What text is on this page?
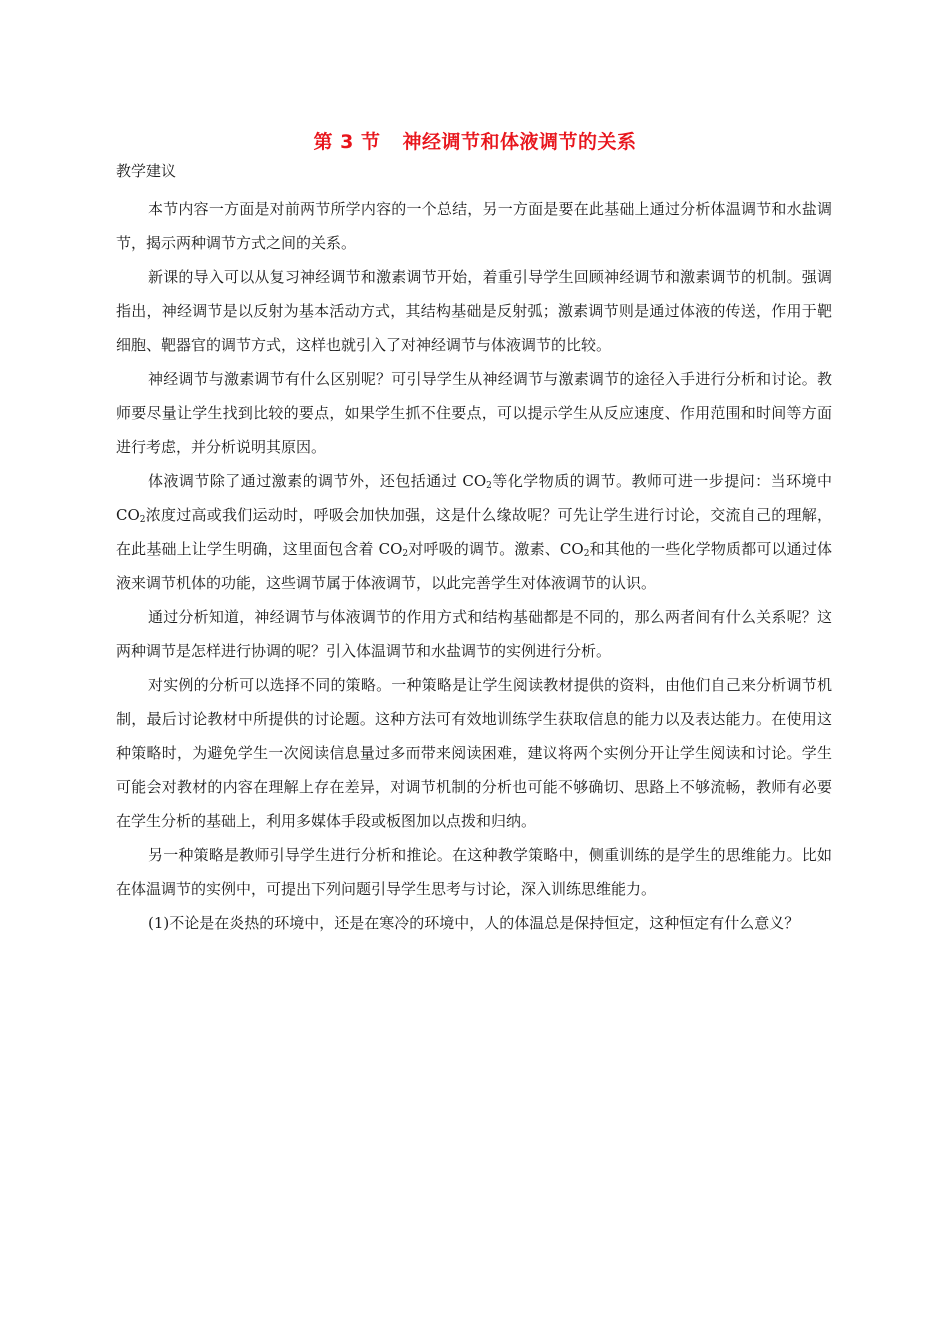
第 3 节 神经调节和体液调节的关系
教学建议

本节内容一方面是对前两节所学内容的一个总结，另一方面是要在此基础上通过分析体温调节和水盐调节，揭示两种调节方式之间的关系。

新课的导入可以从复习神经调节和激素调节开始，着重引导学生回顾神经调节和激素调节的机制。强调指出，神经调节是以反射为基本活动方式，其结构基础是反射弧；激素调节则是通过体液的传送，作用于靶细胞、靶器官的调节方式，这样也就引入了对神经调节与体液调节的比较。

神经调节与激素调节有什么区别呢？可引导学生从神经调节与激素调节的途径入手进行分析和讨论。教师要尽量让学生找到比较的要点，如果学生抓不住要点，可以提示学生从反应速度、作用范围和时间等方面进行考虑，并分析说明其原因。

体液调节除了通过激素的调节外，还包括通过 $CO_2$等化学物质的调节。教师可进一步提问：当环境中 $CO_2$浓度过高或我们运动时，呼吸会加快加强，这是什么缘故呢？可先让学生进行讨论，交流自己的理解，在此基础上让学生明确，这里面包含着 $CO_2$对呼吸的调节。激素、$CO_2$和其他的一些化学物质都可以通过体液来调节机体的功能，这些调节属于体液调节，以此完善学生对体液调节的认识。

通过分析知道，神经调节与体液调节的作用方式和结构基础都是不同的，那么两者间有什么关系呢？这两种调节是怎样进行协调的呢？引入体温调节和水盐调节的实例进行分析。

对实例的分析可以选择不同的策略。一种策略是让学生阅读教材提供的资料，由他们自己来分析调节机制，最后讨论教材中所提供的讨论题。这种方法可有效地训练学生获取信息的能力以及表达能力。在使用这种策略时，为避免学生一次阅读信息量过多而带来阅读困难，建议将两个实例分开让学生阅读和讨论。学生可能会对教材的内容在理解上存在差异，对调节机制的分析也可能不够确切、思路上不够流畅，教师有必要在学生分析的基础上，利用多媒体手段或板图加以点拨和归纳。

另一种策略是教师引导学生进行分析和推论。在这种教学策略中，侧重训练的是学生的思维能力。比如在体温调节的实例中，可提出下列问题引导学生思考与讨论，深入训练思维能力。

(1)不论是在炎热的环境中，还是在寒冷的环境中，人的体温总是保持恒定，这种恒定有什么意义？
